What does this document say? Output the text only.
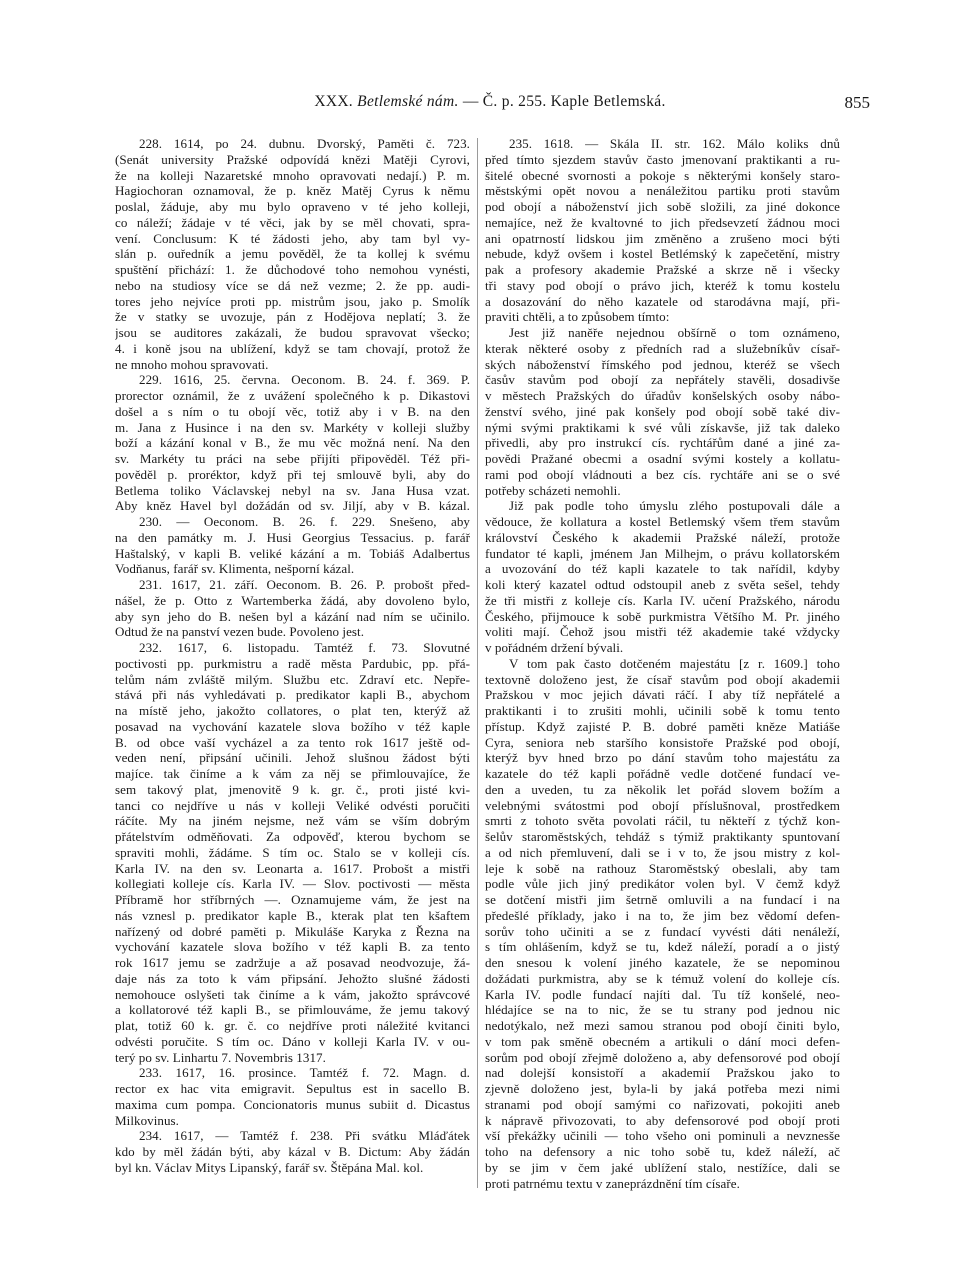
XXX. Betlemské nám. — Č. p. 255. Kaple Betlemská.	855
228. 1614, po 24. dubnu. Dvorský, Paměti č. 723.
(Senát university Pražské odpovídá knězi Matěji Cyrovi,
že na kolleji Nazaretské mnoho opravovati nedají.) P. m.
Hagiochoran oznamoval, že p. kněz Matěj Cyrus k němu
poslal, žáduje, aby mu bylo opraveno v té jeho kolleji,
co náleží; žádaje v té věci, jak by se měl chovati, spra-
vení. Conclusum: K té žádosti jeho, aby tam byl vy-
slán p. ouředník a jemu pověděl, že ta kollej k svému
spuštění přichází: 1. že důchodové toho nemohou vynésti,
nebo na studiosy více se dá než vezme; 2. že pp. audi-
tores jeho nejvíce proti pp. mistrům jsou, jako p. Smolík
že v statky se uvozuje, pán z Hodějova neplatí; 3. že
jsou se auditores zakázali, že budou spravovat všecko;
4. i koně jsou na ublížení, když se tam chovají, protož že
ne mnoho mohou spravovati.
229. 1616, 25. června. Oeconom. B. 24. f. 369. P.
prorector oznámil, že z uvážení společného k p. Dikastovi
došel a s ním o tu obojí věc, totiž aby i v B. na den
m. Jana z Husince i na den sv. Markéty v kolleji služby
boží a kázání konal v B., že mu věc možná není. Na den
sv. Markéty tu práci na sebe přijíti připověděl. Též při-
pověděl p. proréktor, když při tej smlouvě byli, aby do
Betlema toliko Václavskej nebyl na sv. Jana Husa vzat.
Aby kněz Havel byl dožádán od sv. Jiljí, aby v B. kázal.
230. — Oeconom. B. 26. f. 229. Snešeno, aby
na den památky m. J. Husi Georgius Tessacius. p. farář
Haštalský, v kapli B. veliké kázání a m. Tobiáš Adalbertus
Vodňanus, farář sv. Klimenta, nešporní kázal.
231. 1617, 21. září. Oeconom. B. 26. P. probošt před-
nášel, že p. Otto z Wartemberka žádá, aby dovoleno bylo,
aby syn jeho do B. nešen byl a kázání nad ním se učinilo.
Odtud že na panství vezen bude. Povoleno jest.
232. 1617, 6. listopadu. Tamtéž f. 73. Slovutné
poctivosti pp. purkmistru a radě města Pardubic, pp. přá-
telům nám zvláště milým. Službu etc. Zdraví etc. Nepře-
stává při nás vyhledávati p. predikator kapli B., abychom
na místě jeho, jakožto collatores, o plat ten, kterýž až
posavad na vychování kazatele slova božího v též kaple
B. od obce vaší vycházel a za tento rok 1617 ještě od-
veden není, připsání učinili. Jehož slušnou žádost býti
majíce. tak činíme a k vám za něj se přimlouvajíce, že
sem takový plat, jmenovitě 9 k. gr. č., proti jisté kvi-
tanci co nejdříve u nás v kolleji Veliké odvésti poručiti
ráčíte. My na jiném nejsme, než vám se vším dobrým
přátelstvím odměňovati. Za odpověď, kterou bychom se
spraviti mohli, žádáme. S tím oc. Stalo se v kolleji cís.
Karla IV. na den sv. Leonarta a. 1617. Probošt a mistři
kollegiati kolleje cís. Karla IV. — Slov. poctivosti — města
Příbramě hor stříbrných —. Oznamujeme vám, že jest na
nás vznesl p. predikator kaple B., kterak plat ten kšaftem
nařízený od dobré paměti p. Mikuláše Karyka z Řezna na
vychování kazatele slova božího v též kapli B. za tento
rok 1617 jemu se zadržuje a až posavad neodvozuje, žá-
daje nás za toto k vám připsání. Jehožto slušné žádosti
nemohouce oslyšeti tak činíme a k vám, jakožto správcové
a kollatorové též kapli B., se přimlouváme, že jemu takový
plat, totiž 60 k. gr. č. co nejdříve proti náležité kvitanci
odvésti poručite. S tím oc. Dáno v kolleji Karla IV. v ou-
terý po sv. Linhartu 7. Novembris 1317.
233. 1617, 16. prosince. Tamtéž f. 72. Magn. d.
rector ex hac vita emigravit. Sepultus est in sacello B.
maxima cum pompa. Concionatoris munus subiit d. Dicastus
Milkovinus.
234. 1617, — Tamtéž f. 238. Při svátku Mláďátek
kdo by měl žádán býti, aby kázal v B. Dictum: Aby žádán
byl kn. Václav Mitys Lipanský, farář sv. Štěpána Mal. kol.
235. 1618. — Skála II. str. 162. Málo koliks dnů
před tímto sjezdem stavův často jmenovaní praktikanti a ru-
šitelé obecné svornosti a pokoje s některými konšely staro-
městskými opět novou a nenáležitou partiku proti stavům
pod obojí a náboženství jich sobě složili, za jiné dokonce
nemajíce, než že kvaltovné to jich předsevzetí žádnou moci
ani opatrností lidskou jim změněno a zrušeno moci býti
nebude, když ovšem i kostel Betlémský k zapečetění, mistry
pak a profesory akademie Pražské a skrze ně i všecky
tři stavy pod obojí o právo jich, kteréž k tomu kostelu
a dosazování do něho kazatele od starodávna mají, při-
praviti chtěli, a to způsobem tímto:
Jest již naněře nejednou obšírně o tom oznámeno,
kterak některé osoby z předních rad a služebníkův císař-
ských náboženství římského pod jednou, kteréž se všech
časův stavům pod obojí za nepřátely stavěli, dosadivše
v městech Pražských do úřadův konšelských osoby nábo-
ženství svého, jiné pak konšely pod obojí sobě také div-
nými svými praktikami k své vůli získavše, již tak daleko
přivedli, aby pro instrukcí cís. rychtářům dané a jiné za-
povědi Pražané obecmi a osadní svými kostely a kollatu-
rami pod obojí vládnouti a bez cís. rychtáře ani se o své
potřeby scházeti nemohli.
Již pak podle toho úmyslu zlého postupovali dále a
vědouce, že kollatura a kostel Betlemský všem třem stavům
království Českého k akademii Pražské náleží, protože
fundator té kapli, jménem Jan Milhejm, o právu kollatorském
a uvozování do též kapli kazatele to tak nařídil, kdyby
koli který kazatel odtud odstoupil aneb z světa sešel, tehdy
že tři mistři z kolleje cís. Karla IV. učení Pražského, národu
Českého, přijmouce k sobě purkmistra Většího M. Pr. jiného
voliti mají. Čehož jsou mistři též akademie také vždycky
v pořádném držení bývali.
V tom pak často dotčeném majestátu [z r. 1609.] toho
textovně doloženo jest, že císař stavům pod obojí akademii
Pražskou v moc jejich dávati ráčí. I aby tíž nepřátelé a
praktikanti i to zrušiti mohli, učinili sobě k tomu tento
přístup. Když zajisté P. B. dobré paměti kněze Matiáše
Cyra, seniora neb staršího konsistoře Pražské pod obojí,
kterýž byv hned brzo po dání stavům toho majestátu za
kazatele do též kapli pořádně vedle dotčené fundací ve-
den a uveden, tu za několik let pořád slovem božím a
velebnými svátostmi pod obojí příslušnoval, prostředkem
smrti z tohoto světa povolati ráčil, tu někteří z týchž kon-
šelův staroměstských, tehdáž s týmiž praktikanty spuntovaní
a od nich přemluvení, dali se i v to, že jsou mistry z kol-
leje k sobě na rathouz Staroměstský obeslali, aby tam
podle vůle jich jiný predikátor volen byl. V čemž když
se dotčení mistři jim šetrně omluvili a na fundací i na
předešlé příklady, jako i na to, že jim bez vědomí defen-
sorův toho učiniti a se z fundací vyvésti dáti nenáleží,
s tím ohlášením, když se tu, kdež náleží, poradí a o jistý
den snesou k volení jiného kazatele, že se nepominou
dožádati purkmistra, aby se k témuž volení do kolleje cís.
Karla IV. podle fundací najíti dal. Tu tíž konšelé, neo-
hlédajíce se na to nic, že se tu strany pod jednou nic
nedotýkalo, než mezi samou stranou pod obojí činiti bylo,
v tom pak směně obecném a artikuli o dání moci defen-
sorům pod obojí zřejmě doloženo a, aby defensorové pod obojí
nad dolejší konsistoří a akademií Pražskou jako to
zjevně doloženo jest, byla-li by jaká potřeba mezi nimi
stranami pod obojí samými co nařizovati, pokojiti aneb
k nápravě přivozovati, to aby defensorové pod obojí proti
vší překážky učinili — toho všeho oni pominuli a nevznesše
toho na defensory a nic toho sobě tu, kdež náleží, ač
by se jim v čem jaké ublížení stalo, nestížíce, dali se
proti patrnému textu v zaneprázdnění tím císaře.
